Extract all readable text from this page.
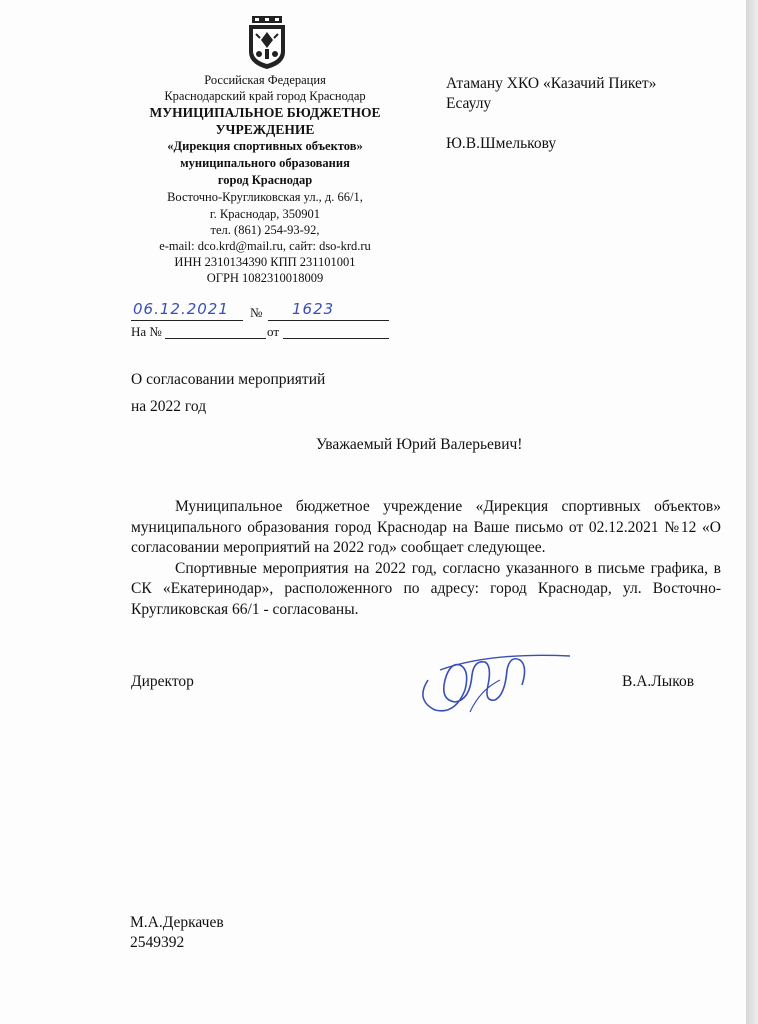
Российская Федерация
Краснодарский край город Краснодар
МУНИЦИПАЛЬНОЕ БЮДЖЕТНОЕ
УЧРЕЖДЕНИЕ
«Дирекция спортивных объектов»
муниципального образования
город Краснодар
Восточно-Кругликовская ул., д. 66/1,
г. Краснодар, 350901
тел. (861) 254-93-92,
e-mail: dco.krd@mail.ru, сайт: dso-krd.ru
ИНН 2310134390 КПП 231101001
ОГРН 1082310018009
06.12.2021 № 1623
На №	от
Атаману ХКО «Казачий Пикет»
Есаулу
Ю.В.Шмелькову
О согласовании мероприятий
на 2022 год
Уважаемый Юрий Валерьевич!

Муниципальное бюджетное учреждение «Дирекция спортивных объектов» муниципального образования город Краснодар на Ваше письмо от 02.12.2021 №12 «О согласовании мероприятий на 2022 год» сообщает следующее.

Спортивные мероприятия на 2022 год, согласно указанного в письме графика, в СК «Екатеринодар», расположенного по адресу: город Краснодар, ул. Восточно-Кругликовская 66/1 - согласованы.

Директор	В.А.Лыков
М.А.Деркачев
2549392
